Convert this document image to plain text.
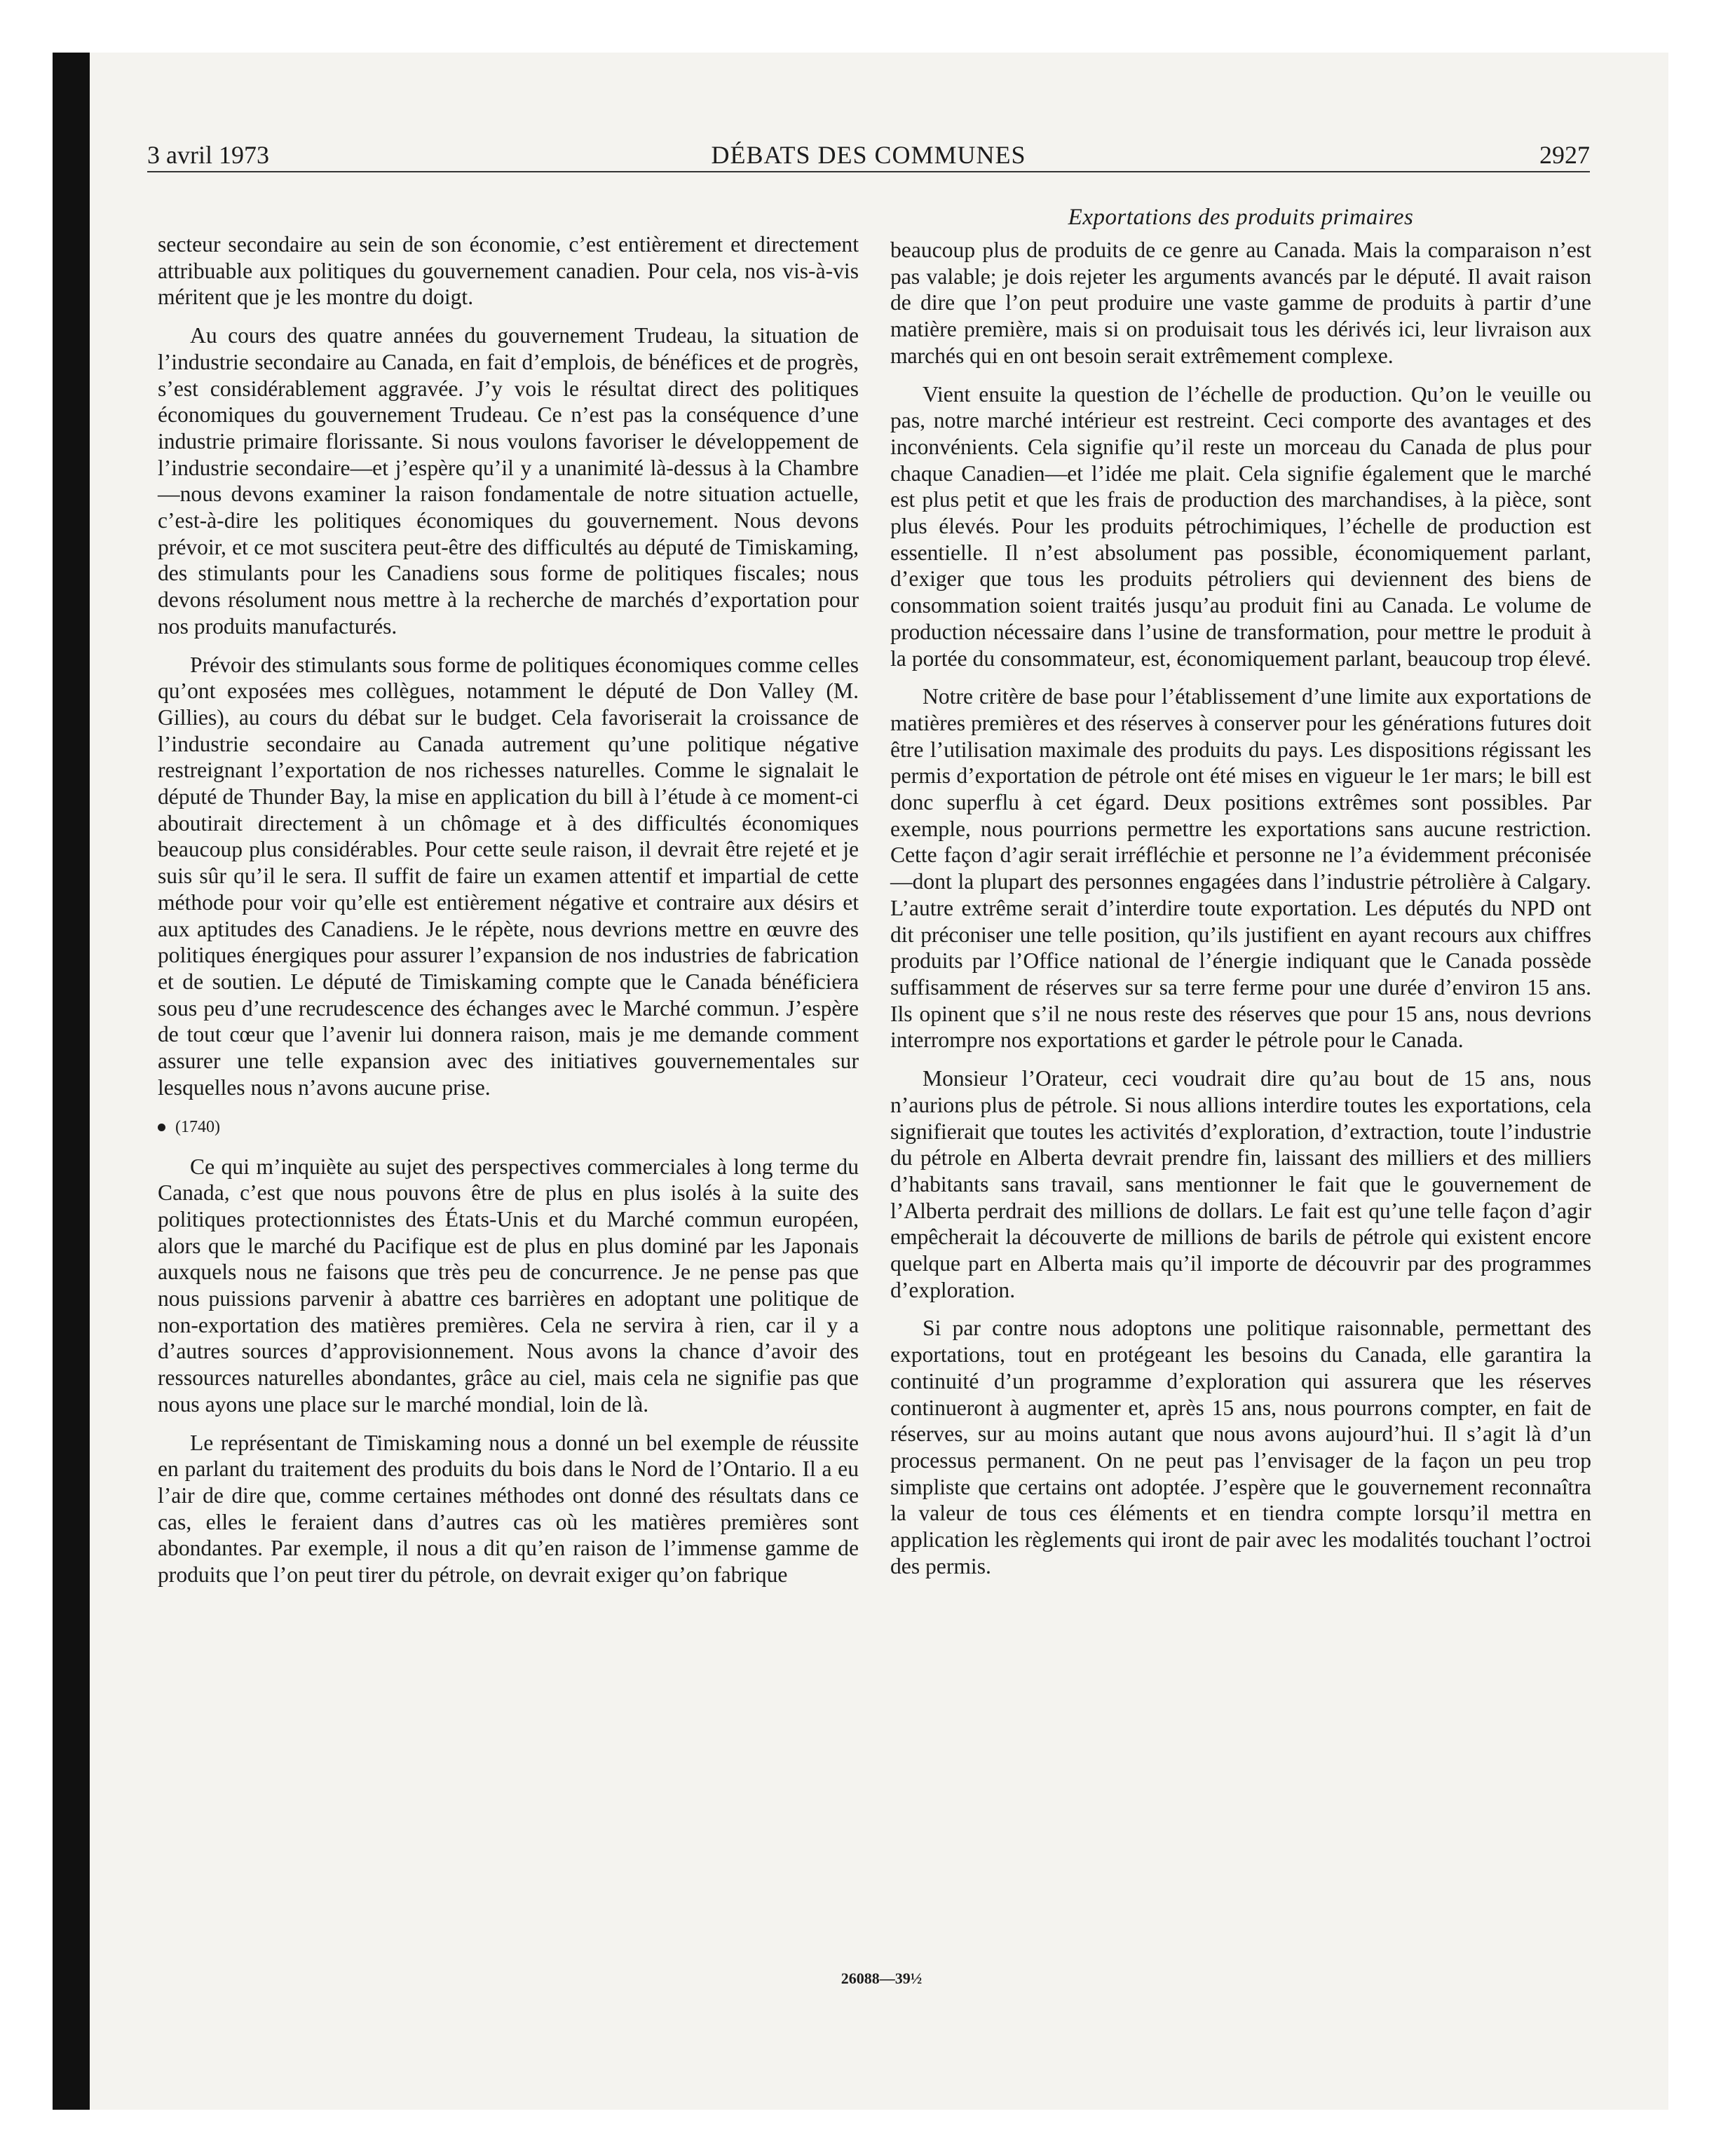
3 avril 1973	DÉBATS DES COMMUNES	2927

secteur secondaire au sein de son économie, c’est entièrement et directement attribuable aux politiques du gouvernement canadien. Pour cela, nos vis-à-vis méritent que je les montre du doigt.

Au cours des quatre années du gouvernement Trudeau, la situation de l’industrie secondaire au Canada, en fait d’emplois, de bénéfices et de progrès, s’est considérablement aggravée. J’y vois le résultat direct des politiques économiques du gouvernement Trudeau. Ce n’est pas la conséquence d’une industrie primaire florissante. Si nous voulons favoriser le développement de l’industrie secondaire—et j’espère qu’il y a unanimité là-dessus à la Chambre—nous devons examiner la raison fondamentale de notre situation actuelle, c’est-à-dire les politiques économiques du gouvernement. Nous devons prévoir, et ce mot suscitera peut-être des difficultés au député de Timiskaming, des stimulants pour les Canadiens sous forme de politiques fiscales; nous devons résolument nous mettre à la recherche de marchés d’exportation pour nos produits manufacturés.

Prévoir des stimulants sous forme de politiques économiques comme celles qu’ont exposées mes collègues, notamment le député de Don Valley (M. Gillies), au cours du débat sur le budget. Cela favoriserait la croissance de l’industrie secondaire au Canada autrement qu’une politique négative restreignant l’exportation de nos richesses naturelles. Comme le signalait le député de Thunder Bay, la mise en application du bill à l’étude à ce moment-ci aboutirait directement à un chômage et à des difficultés économiques beaucoup plus considérables. Pour cette seule raison, il devrait être rejeté et je suis sûr qu’il le sera. Il suffit de faire un examen attentif et impartial de cette méthode pour voir qu’elle est entièrement négative et contraire aux désirs et aux aptitudes des Canadiens. Je le répète, nous devrions mettre en œuvre des politiques énergiques pour assurer l’expansion de nos industries de fabrication et de soutien. Le député de Timiskaming compte que le Canada bénéficiera sous peu d’une recrudescence des échanges avec le Marché commun. J’espère de tout cœur que l’avenir lui donnera raison, mais je me demande comment assurer une telle expansion avec des initiatives gouvernementales sur lesquelles nous n’avons aucune prise.

(1740)

Ce qui m’inquiète au sujet des perspectives commerciales à long terme du Canada, c’est que nous pouvons être de plus en plus isolés à la suite des politiques protectionnistes des États-Unis et du Marché commun européen, alors que le marché du Pacifique est de plus en plus dominé par les Japonais auxquels nous ne faisons que très peu de concurrence. Je ne pense pas que nous puissions parvenir à abattre ces barrières en adoptant une politique de non-exportation des matières premières. Cela ne servira à rien, car il y a d’autres sources d’approvisionnement. Nous avons la chance d’avoir des ressources naturelles abondantes, grâce au ciel, mais cela ne signifie pas que nous ayons une place sur le marché mondial, loin de là.

Le représentant de Timiskaming nous a donné un bel exemple de réussite en parlant du traitement des produits du bois dans le Nord de l’Ontario. Il a eu l’air de dire que, comme certaines méthodes ont donné des résultats dans ce cas, elles le feraient dans d’autres cas où les matières premières sont abondantes. Par exemple, il nous a dit qu’en raison de l’immense gamme de produits que l’on peut tirer du pétrole, on devrait exiger qu’on fabrique

Exportations des produits primaires

beaucoup plus de produits de ce genre au Canada. Mais la comparaison n’est pas valable; je dois rejeter les arguments avancés par le député. Il avait raison de dire que l’on peut produire une vaste gamme de produits à partir d’une matière première, mais si on produisait tous les dérivés ici, leur livraison aux marchés qui en ont besoin serait extrêmement complexe.

Vient ensuite la question de l’échelle de production. Qu’on le veuille ou pas, notre marché intérieur est restreint. Ceci comporte des avantages et des inconvénients. Cela signifie qu’il reste un morceau du Canada de plus pour chaque Canadien—et l’idée me plait. Cela signifie également que le marché est plus petit et que les frais de production des marchandises, à la pièce, sont plus élevés. Pour les produits pétrochimiques, l’échelle de production est essentielle. Il n’est absolument pas possible, économiquement parlant, d’exiger que tous les produits pétroliers qui deviennent des biens de consommation soient traités jusqu’au produit fini au Canada. Le volume de production nécessaire dans l’usine de transformation, pour mettre le produit à la portée du consommateur, est, économiquement parlant, beaucoup trop élevé.

Notre critère de base pour l’établissement d’une limite aux exportations de matières premières et des réserves à conserver pour les générations futures doit être l’utilisation maximale des produits du pays. Les dispositions régissant les permis d’exportation de pétrole ont été mises en vigueur le 1er mars; le bill est donc superflu à cet égard. Deux positions extrêmes sont possibles. Par exemple, nous pourrions permettre les exportations sans aucune restriction. Cette façon d’agir serait irréfléchie et personne ne l’a évidemment préconisée—dont la plupart des personnes engagées dans l’industrie pétrolière à Calgary. L’autre extrême serait d’interdire toute exportation. Les députés du NPD ont dit préconiser une telle position, qu’ils justifient en ayant recours aux chiffres produits par l’Office national de l’énergie indiquant que le Canada possède suffisamment de réserves sur sa terre ferme pour une durée d’environ 15 ans. Ils opinent que s’il ne nous reste des réserves que pour 15 ans, nous devrions interrompre nos exportations et garder le pétrole pour le Canada.

Monsieur l’Orateur, ceci voudrait dire qu’au bout de 15 ans, nous n’aurions plus de pétrole. Si nous allions interdire toutes les exportations, cela signifierait que toutes les activités d’exploration, d’extraction, toute l’industrie du pétrole en Alberta devrait prendre fin, laissant des milliers et des milliers d’habitants sans travail, sans mentionner le fait que le gouvernement de l’Alberta perdrait des millions de dollars. Le fait est qu’une telle façon d’agir empêcherait la découverte de millions de barils de pétrole qui existent encore quelque part en Alberta mais qu’il importe de découvrir par des programmes d’exploration.

Si par contre nous adoptons une politique raisonnable, permettant des exportations, tout en protégeant les besoins du Canada, elle garantira la continuité d’un programme d’exploration qui assurera que les réserves continueront à augmenter et, après 15 ans, nous pourrons compter, en fait de réserves, sur au moins autant que nous avons aujourd’hui. Il s’agit là d’un processus permanent. On ne peut pas l’envisager de la façon un peu trop simpliste que certains ont adoptée. J’espère que le gouvernement reconnaîtra la valeur de tous ces éléments et en tiendra compte lorsqu’il mettra en application les règlements qui iront de pair avec les modalités touchant l’octroi des permis.

26088—39½
